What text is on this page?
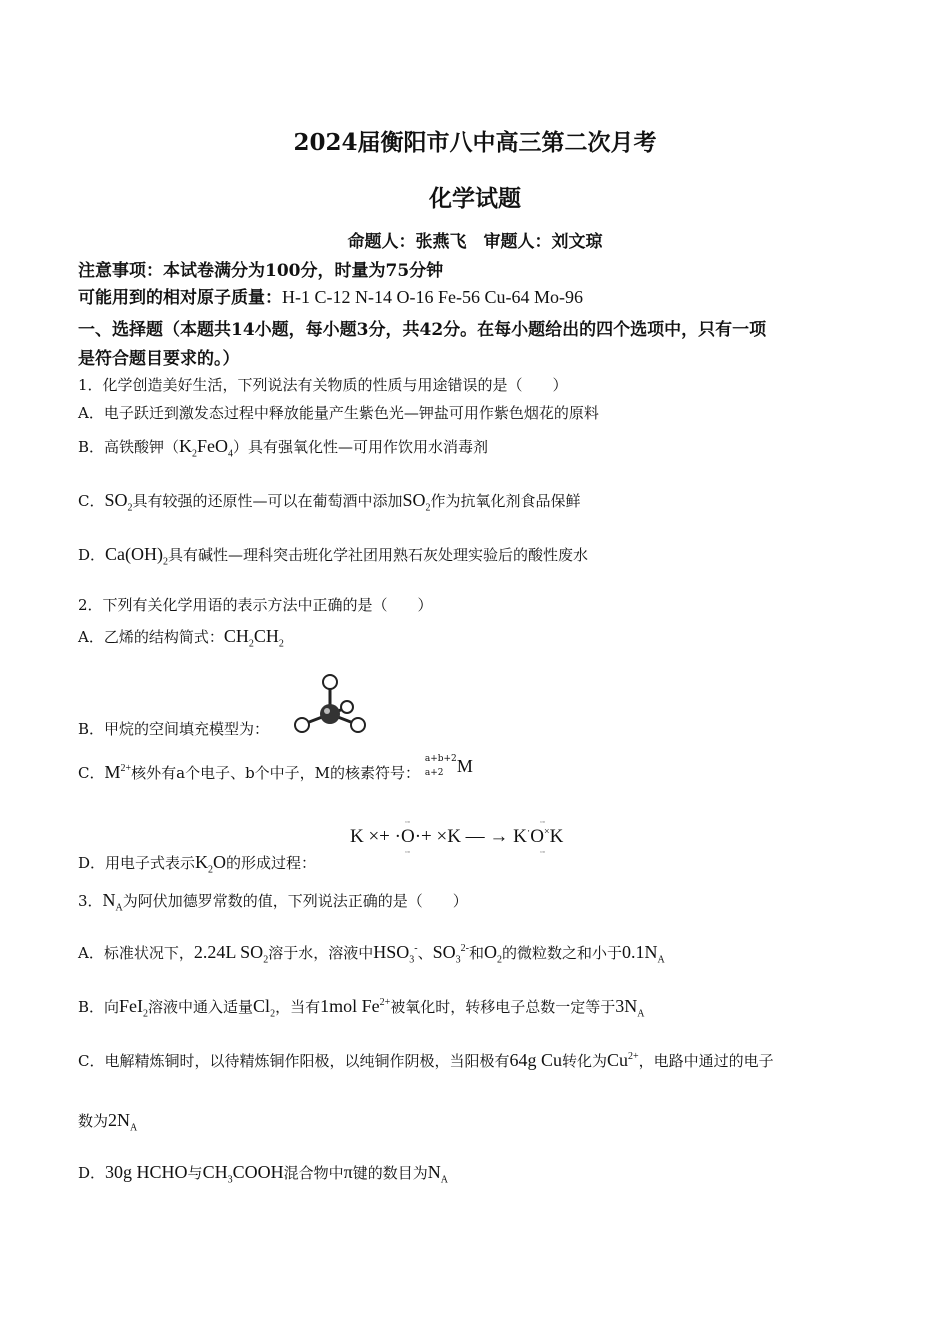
2024届衡阳市八中高三第二次月考
化学试题
命题人：张燕飞　审题人：刘文琼
注意事项：本试卷满分为100分，时量为75分钟
可能用到的相对原子质量：H-1 C-12 N-14 O-16 Fe-56 Cu-64 Mo-96
一、选择题（本题共14小题，每小题3分，共42分。在每小题给出的四个选项中，只有一项
是符合题目要求的。）
1．化学创造美好生活，下列说法有关物质的性质与用途错误的是（　　）
A．电子跃迁到激发态过程中释放能量产生紫色光—钾盐可用作紫色烟花的原料
B．高铁酸钾$(K_2FeO_4)$具有强氧化性—可用作饮用水消毒剂
C．$SO_2$具有较强的还原性—可以在葡萄酒中添加$SO_2$作为抗氧化剂食品保鲜
D．$Ca(OH)_2$具有碱性—理科突击班化学社团用熟石灰处理实验后的酸性废水
2．下列有关化学用语的表示方法中正确的是（　　）
A．乙烯的结构简式：$CH_2CH_2$
B．甲烷的空间填充模型为：
C．$M^{2+}$核外有a个电子、b个中子，M的核素符号：
a+b+2
a+2 M
K ×+ ·O·+ ×K — → K·O×K
▫▫
▫▫
▫▫
▫▫
D．用电子式表示$K_2O$的形成过程：
3．$N_A$为阿伏加德罗常数的值，下列说法正确的是（　　）
A．标准状况下，2.24L $SO_2$溶于水，溶液中$HSO_3^-$、$SO_3^{2-}$和$O_2$的微粒数之和小于$0.1N_A$
B．向FeI$_2$溶液中通入适量$Cl_2$，当有1mol $Fe^{2+}$被氧化时，转移电子总数一定等于$3N_A$
C．电解精炼铜时，以待精炼铜作阳极，以纯铜作阴极，当阳极有64g Cu转化为$Cu^{2+}$，电路中通过的电子
数为$2N_A$
D．30g HCHO与$CH_3COOH$混合物中π键的数目为$N_A$
